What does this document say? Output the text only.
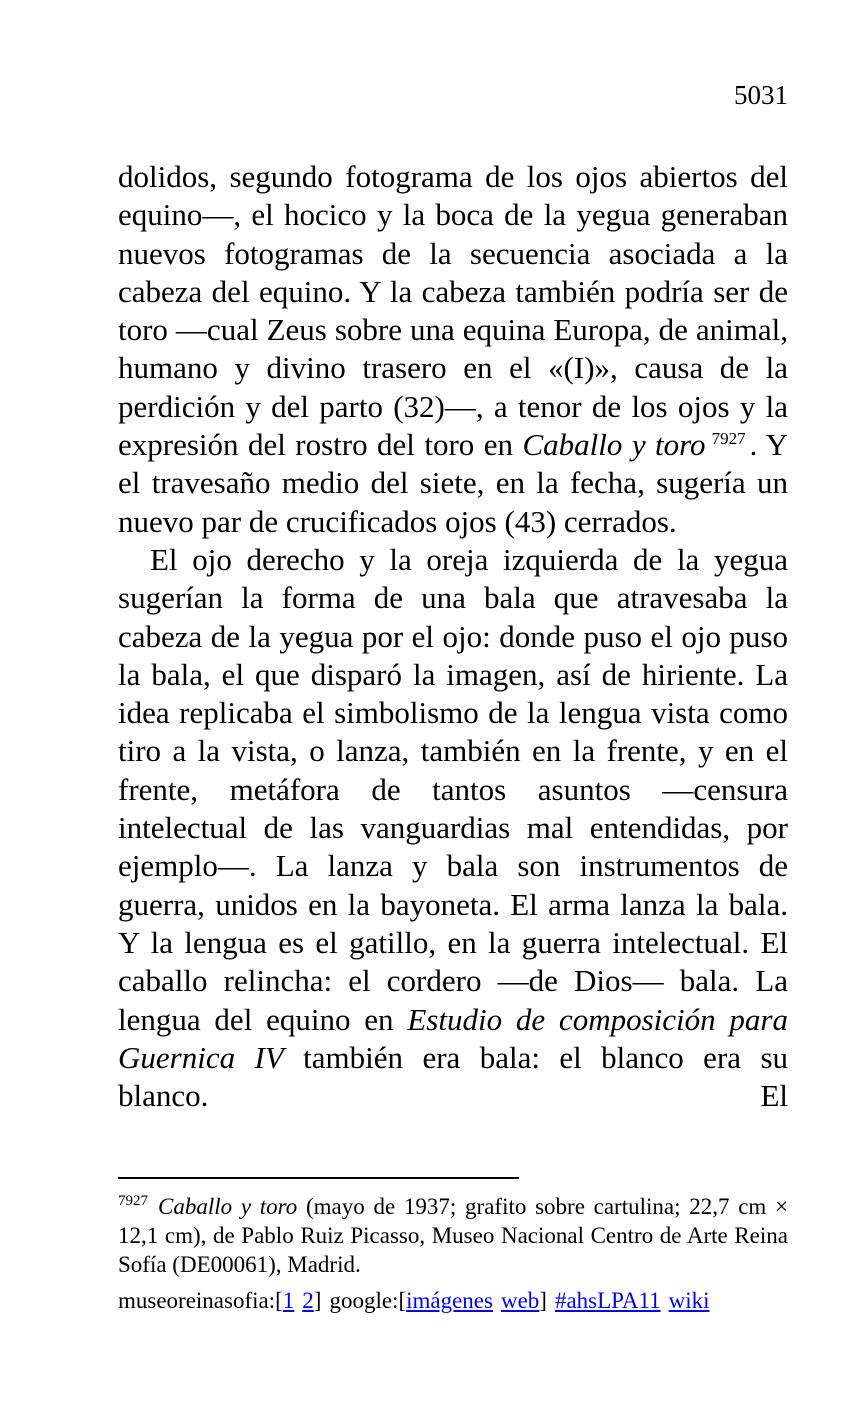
5031

dolidos, segundo fotograma de los ojos abiertos del equino—, el hocico y la boca de la yegua generaban nuevos fotogramas de la secuencia asociada a la cabeza del equino. Y la cabeza también podría ser de toro —cual Zeus sobre una equina Europa, de animal, humano y divino trasero en el «(I)», causa de la perdición y del parto (32)—, a tenor de los ojos y la expresión del rostro del toro en Caballo y toro $^{7927}$ . Y el travesaño medio del siete, en la fecha, sugería un nuevo par de crucificados ojos (43) cerrados.

El ojo derecho y la oreja izquierda de la yegua sugerían la forma de una bala que atravesaba la cabeza de la yegua por el ojo: donde puso el ojo puso la bala, el que disparó la imagen, así de hiriente. La idea replicaba el simbolismo de la lengua vista como tiro a la vista, o lanza, también en la frente, y en el frente, metáfora de tantos asuntos —censura intelectual de las vanguardias mal entendidas, por ejemplo—. La lanza y bala son instrumentos de guerra, unidos en la bayoneta. El arma lanza la bala. Y la lengua es el gatillo, en la guerra intelectual. El caballo relincha: el cordero —de Dios— bala. La lengua del equino en Estudio de composición para Guernica IV también era bala: el blanco era su blanco. El

$^{7927}$ Caballo y toro (mayo de 1937; grafito sobre cartulina; 22,7 cm × 12,1 cm), de Pablo Ruiz Picasso, Museo Nacional Centro de Arte Reina Sofía (DE00061), Madrid.
museoreinasofia:[1 2] google:[imágenes web] #ahsLPA11 wiki
